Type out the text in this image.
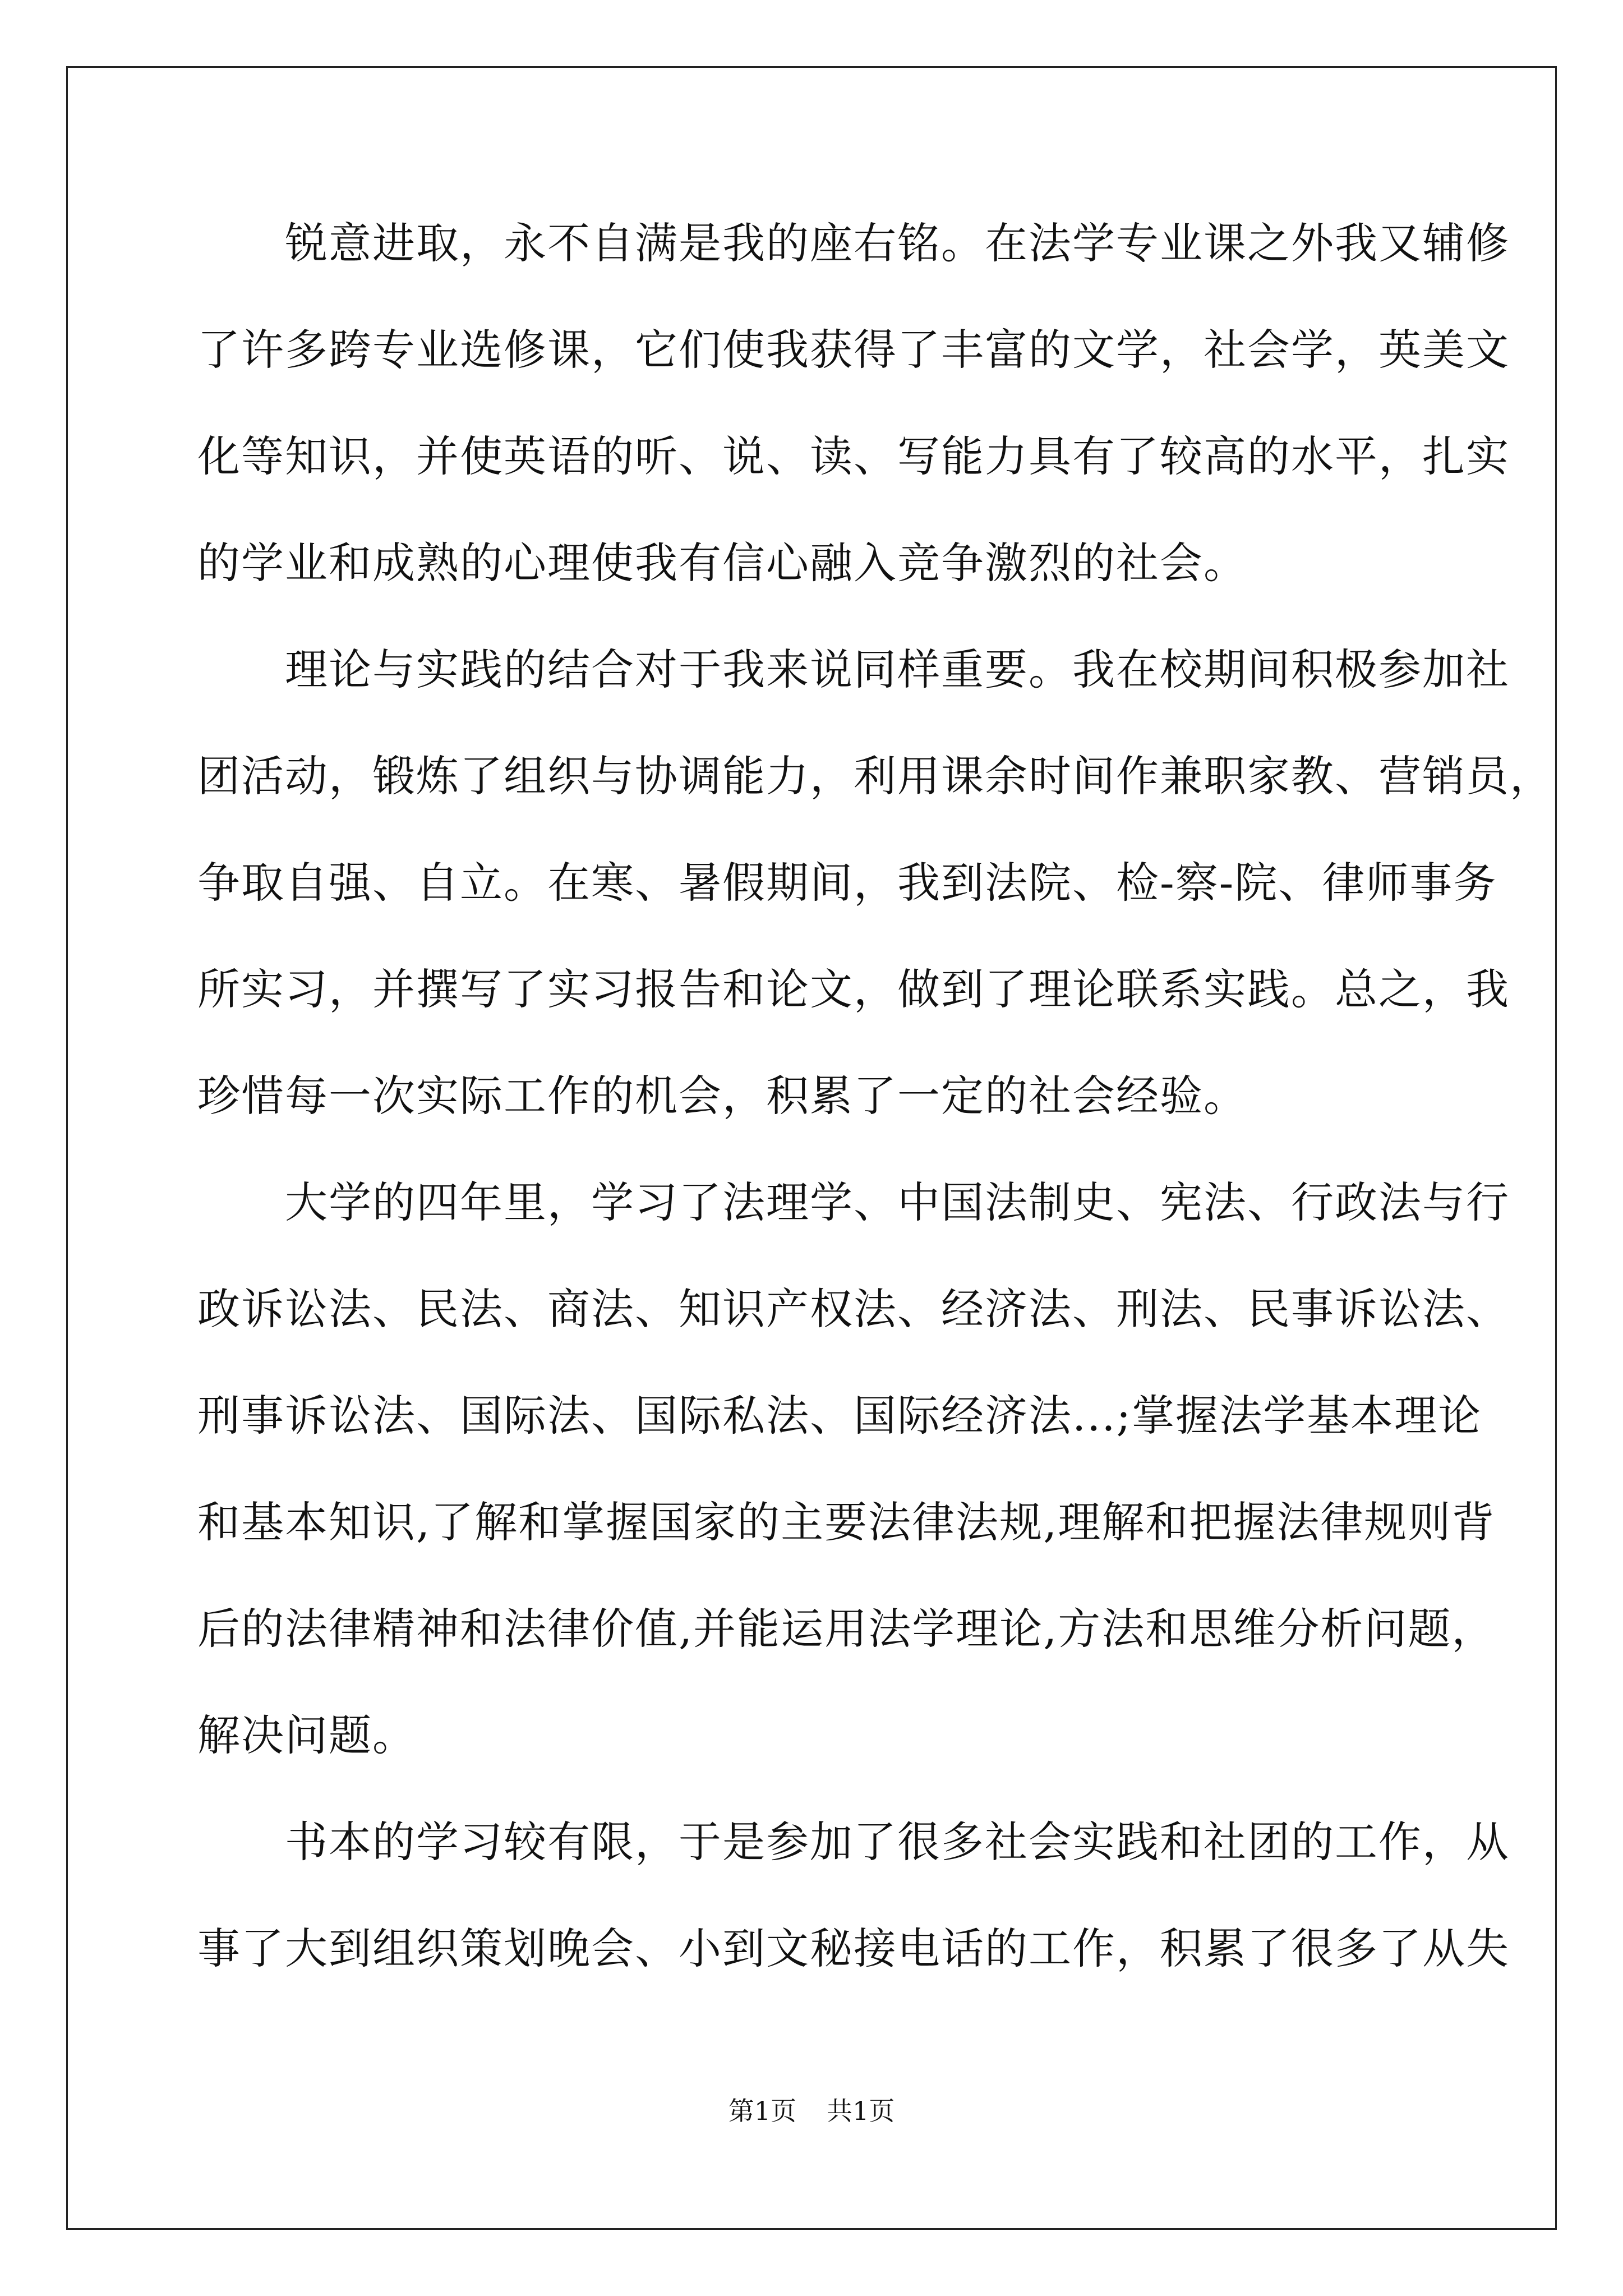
　　锐意进取，永不自满是我的座右铭。在法学专业课之外我又辅修

了许多跨专业选修课，它们使我获得了丰富的文学，社会学，英美文

化等知识，并使英语的听、说、读、写能力具有了较高的水平，扎实

的学业和成熟的心理使我有信心融入竞争激烈的社会。

　　理论与实践的结合对于我来说同样重要。我在校期间积极参加社

团活动，锻炼了组织与协调能力，利用课余时间作兼职家教、营销员，

争取自强、自立。在寒、暑假期间，我到法院、检-察-院、律师事务

所实习，并撰写了实习报告和论文，做到了理论联系实践。总之，我

珍惜每一次实际工作的机会，积累了一定的社会经验。

　　大学的四年里，学习了法理学、中国法制史、宪法、行政法与行

政诉讼法、民法、商法、知识产权法、经济法、刑法、民事诉讼法、

刑事诉讼法、国际法、国际私法、国际经济法...;掌握法学基本理论

和基本知识,了解和掌握国家的主要法律法规,理解和把握法律规则背

后的法律精神和法律价值,并能运用法学理论,方法和思维分析问题，

解决问题。

　　书本的学习较有限，于是参加了很多社会实践和社团的工作，从

事了大到组织策划晚会、小到文秘接电话的工作，积累了很多了从失

第1页 共1页
